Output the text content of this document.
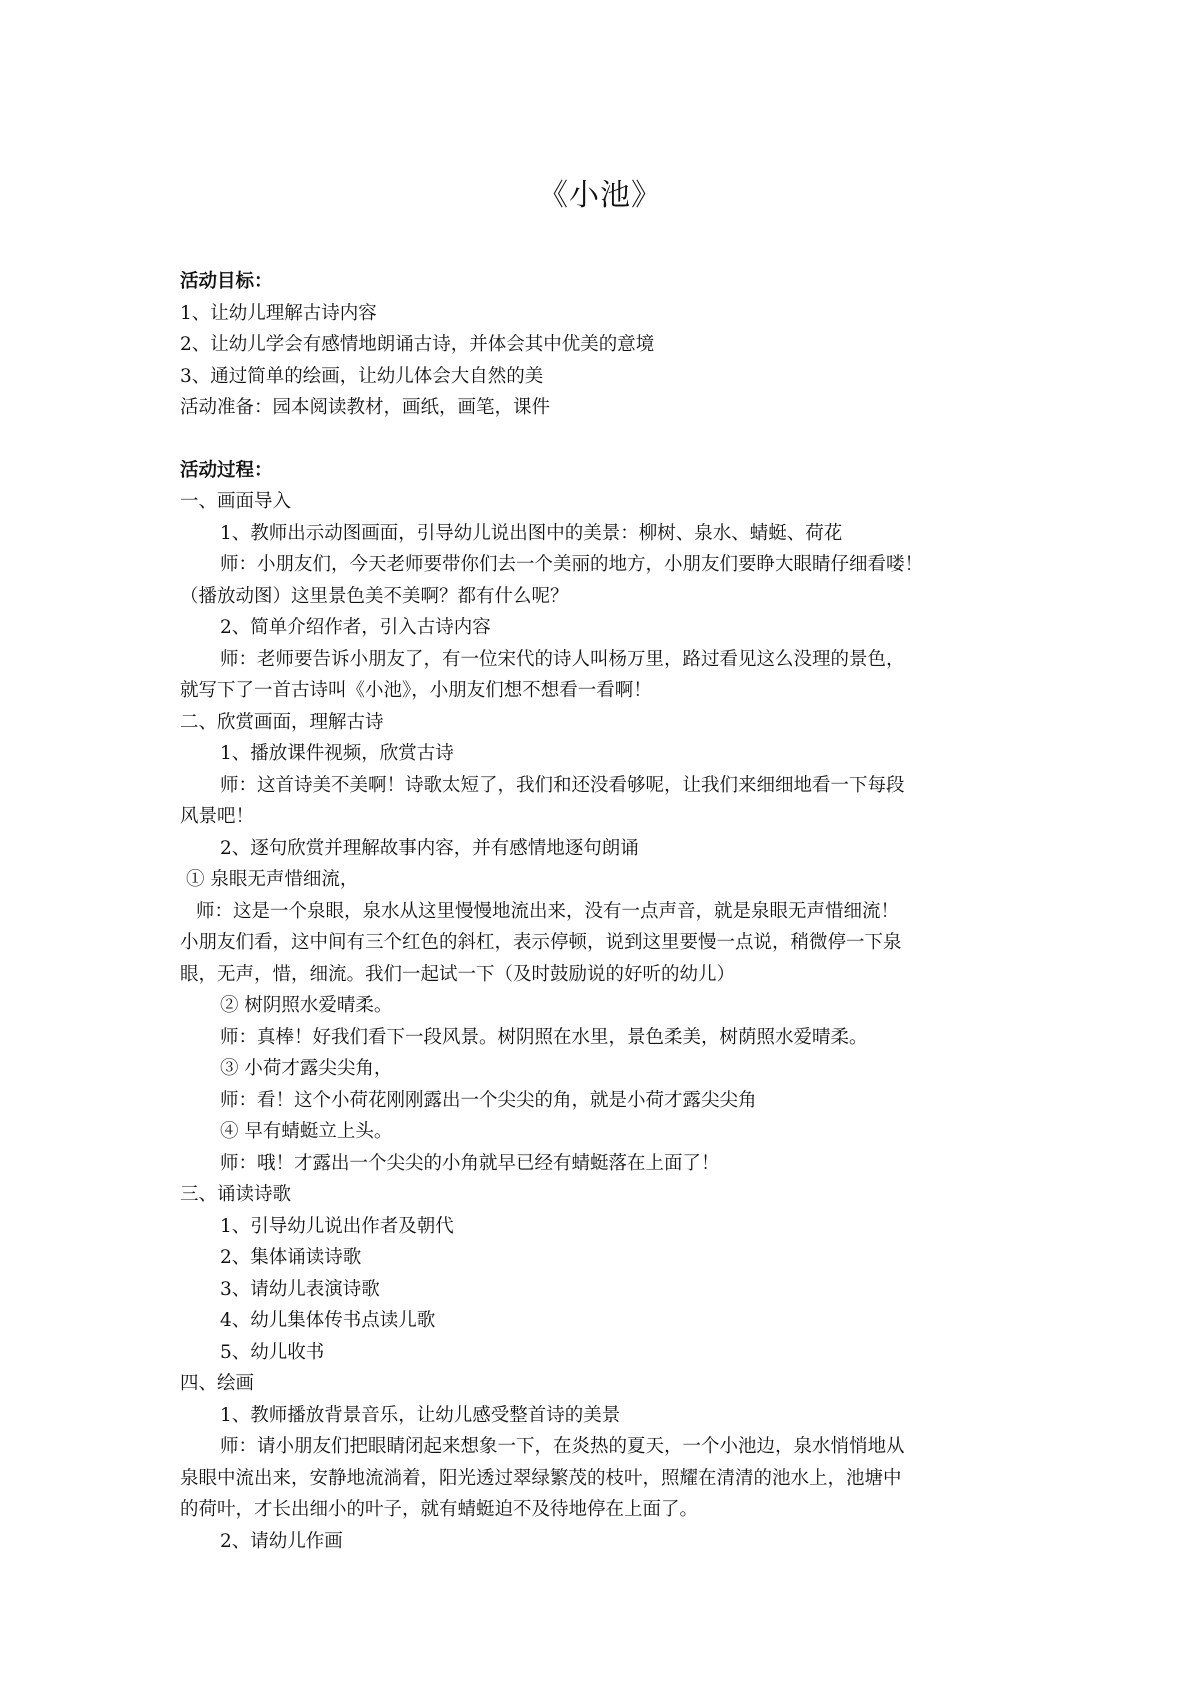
《小池》
活动目标：
1、让幼儿理解古诗内容
2、让幼儿学会有感情地朗诵古诗，并体会其中优美的意境
3、通过简单的绘画，让幼儿体会大自然的美
活动准备：园本阅读教材，画纸，画笔，课件
活动过程：
一、画面导入
1、教师出示动图画面，引导幼儿说出图中的美景：柳树、泉水、蜻蜓、荷花
师：小朋友们，今天老师要带你们去一个美丽的地方，小朋友们要睁大眼睛仔细看喽！
（播放动图）这里景色美不美啊？都有什么呢？
2、简单介绍作者，引入古诗内容
师：老师要告诉小朋友了，有一位宋代的诗人叫杨万里，路过看见这么没理的景色，
就写下了一首古诗叫《小池》，小朋友们想不想看一看啊！
二、欣赏画面，理解古诗
1、播放课件视频，欣赏古诗
师：这首诗美不美啊！诗歌太短了，我们和还没看够呢，让我们来细细地看一下每段
风景吧！
2、逐句欣赏并理解故事内容，并有感情地逐句朗诵
① 泉眼无声惜细流，
师：这是一个泉眼，泉水从这里慢慢地流出来，没有一点声音，就是泉眼无声惜细流！
小朋友们看，这中间有三个红色的斜杠，表示停顿，说到这里要慢一点说，稍微停一下泉
眼，无声，惜，细流。我们一起试一下（及时鼓励说的好听的幼儿）
② 树阴照水爱晴柔。
师：真棒！好我们看下一段风景。树阴照在水里，景色柔美，树荫照水爱晴柔。
③ 小荷才露尖尖角，
师：看！这个小荷花刚刚露出一个尖尖的角，就是小荷才露尖尖角
④ 早有蜻蜓立上头。
师：哦！才露出一个尖尖的小角就早已经有蜻蜓落在上面了！
三、诵读诗歌
1、引导幼儿说出作者及朝代
2、集体诵读诗歌
3、请幼儿表演诗歌
4、幼儿集体传书点读儿歌
5、幼儿收书
四、绘画
1、教师播放背景音乐，让幼儿感受整首诗的美景
师：请小朋友们把眼睛闭起来想象一下，在炎热的夏天，一个小池边，泉水悄悄地从
泉眼中流出来，安静地流淌着，阳光透过翠绿繁茂的枝叶，照耀在清清的池水上，池塘中
的荷叶，才长出细小的叶子，就有蜻蜓迫不及待地停在上面了。
2、请幼儿作画
